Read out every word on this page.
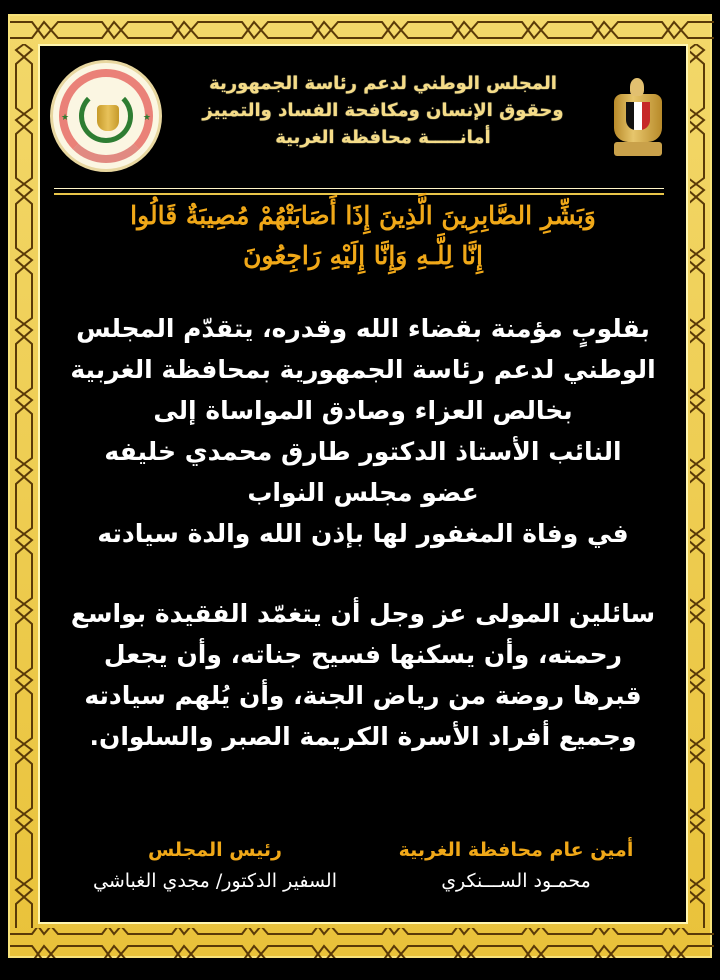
★	★
المجلس الوطني لدعم رئاسة الجمهورية
وحقوق الإنسان ومكافحة الفساد والتمييز
أمانـــــة محافظة الغربية
وَبَشِّرِ الصَّابِرِينَ الَّذِينَ إِذَا أَصَابَتْهُمْ مُصِيبَةٌ قَالُوا
إِنَّا لِلَّـهِ وَإِنَّا إِلَيْهِ رَاجِعُونَ
بقلوبٍ مؤمنة بقضاء الله وقدره، يتقدّم المجلس
الوطني لدعم رئاسة الجمهورية بمحافظة الغربية
بخالص العزاء وصادق المواساة إلى
النائب الأستاذ الدكتور طارق محمدي خليفه
عضو مجلس النواب
في وفاة المغفور لها بإذن الله والدة سيادته
سائلين المولى عز وجل أن يتغمّد الفقيدة بواسع
رحمته، وأن يسكنها فسيح جناته، وأن يجعل
قبرها روضة من رياض الجنة، وأن يُلهم سيادته
وجميع أفراد الأسرة الكريمة الصبر والسلوان.
رئيس المجلس
السفير الدكتور/ مجدي الغباشي
أمين عام محافظة الغربية
محمـود الســـنكري
